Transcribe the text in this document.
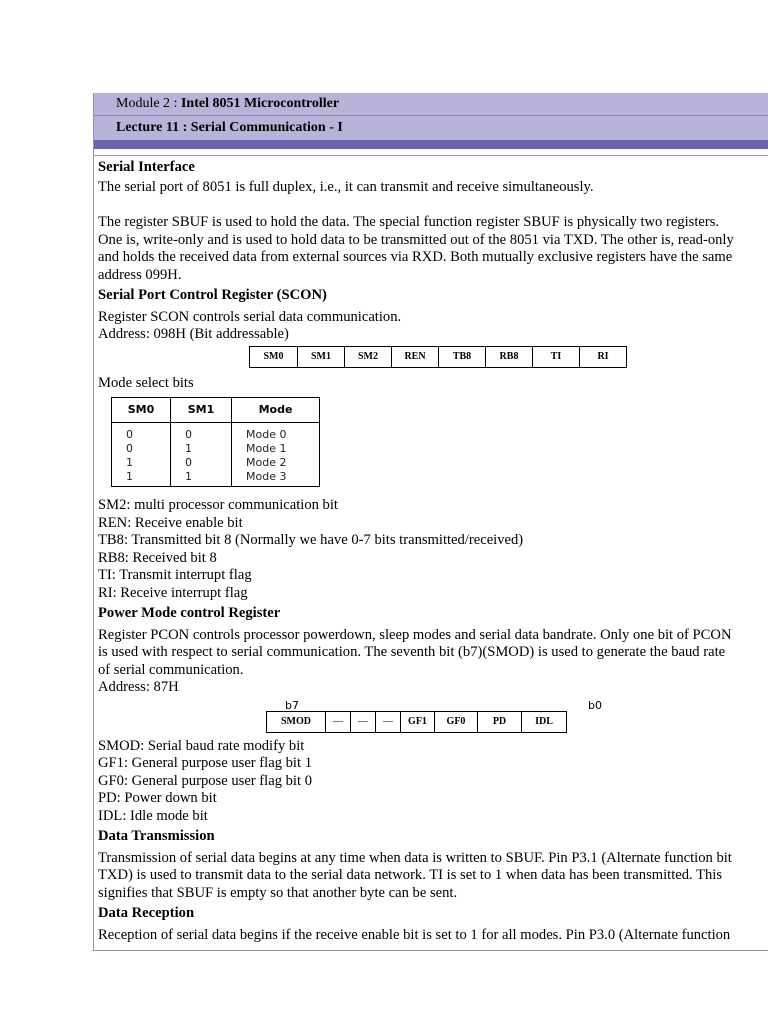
Module 2 : Intel 8051 Microcontroller
Lecture 11 : Serial Communication - I
Serial Interface
The serial port of 8051 is full duplex, i.e., it can transmit and receive simultaneously.
The register SBUF is used to hold the data. The special function register SBUF is physically two registers.
One is, write-only and is used to hold data to be transmitted out of the 8051 via TXD. The other is, read-only
and holds the received data from external sources via RXD. Both mutually exclusive registers have the same
address 099H.
Serial Port Control Register (SCON)
Register SCON controls serial data communication.
Address: 098H (Bit addressable)
SM0	SM1	SM2	REN	TB8	RB8	TI	RI
Mode select bits
SM0	SM1	Mode
0	0	Mode 0
0	1	Mode 1
1	0	Mode 2
1	1	Mode 3
SM2: multi processor communication bit
REN: Receive enable bit
TB8: Transmitted bit 8 (Normally we have 0-7 bits transmitted/received)
RB8: Received bit 8
TI: Transmit interrupt flag
RI: Receive interrupt flag
Power Mode control Register
Register PCON controls processor powerdown, sleep modes and serial data bandrate. Only one bit of PCON
is used with respect to serial communication. The seventh bit (b7)(SMOD) is used to generate the baud rate
of serial communication.
Address: 87H
b7	b0
SMOD	—	—	—	GF1	GF0	PD	IDL
SMOD: Serial baud rate modify bit
GF1: General purpose user flag bit 1
GF0: General purpose user flag bit 0
PD: Power down bit
IDL: Idle mode bit
Data Transmission
Transmission of serial data begins at any time when data is written to SBUF. Pin P3.1 (Alternate function bit
TXD) is used to transmit data to the serial data network. TI is set to 1 when data has been transmitted. This
signifies that SBUF is empty so that another byte can be sent.
Data Reception
Reception of serial data begins if the receive enable bit is set to 1 for all modes. Pin P3.0 (Alternate function
